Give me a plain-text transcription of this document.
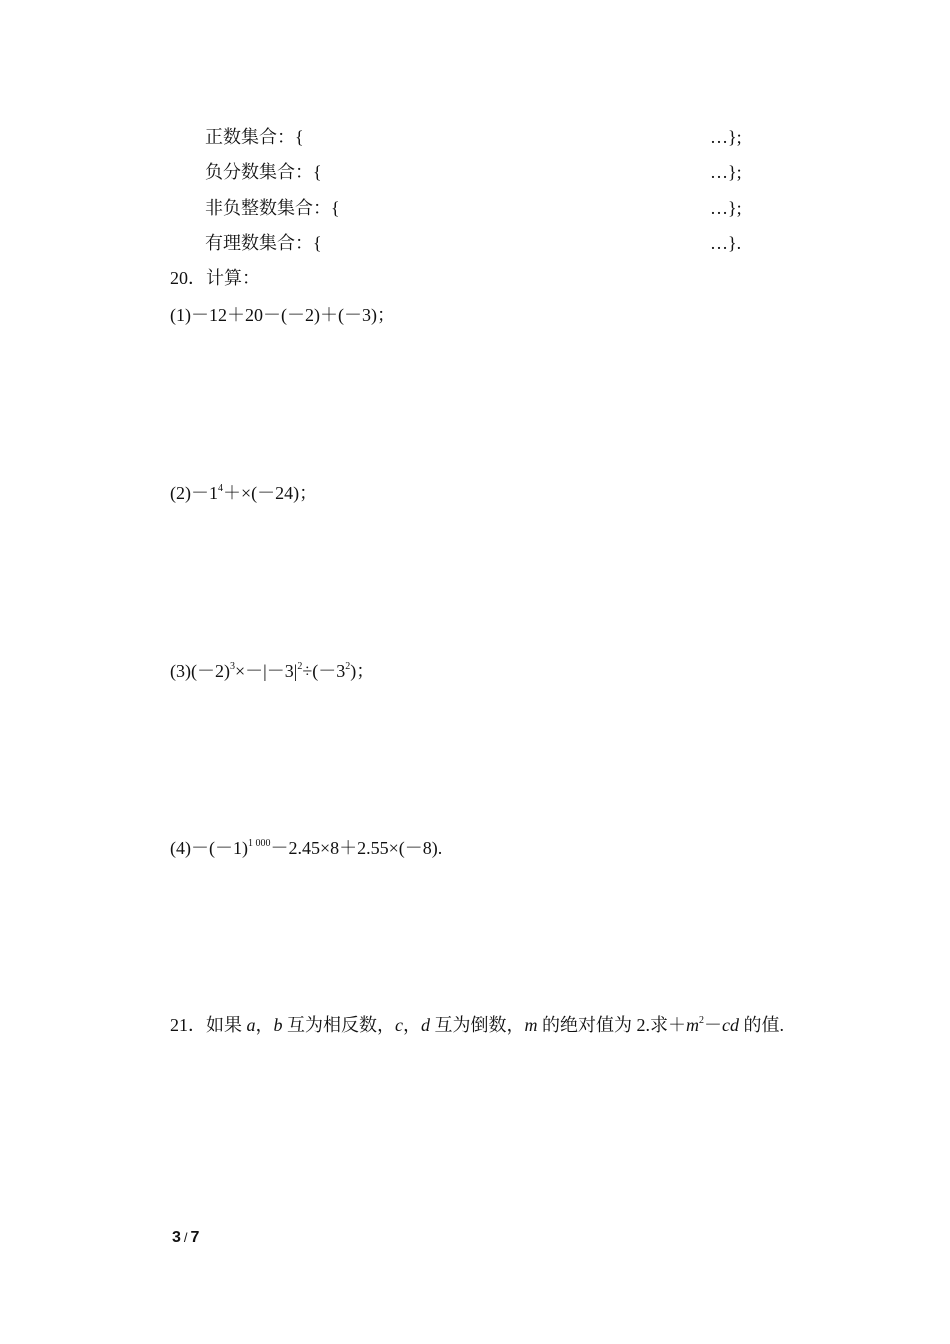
正数集合：{	…};
负分数集合：{	…};
非负整数集合：{	…};
有理数集合：{	…}.
20．计算：
(1)－12＋20－(－2)＋(－3)；
$(2)-1^4+\times(-24)$；
$(3)(-2)^3\times-|-3|^2\div(-3^2)$；
$(4)-(-1)^{1 000}-2.45\times 8+2.55\times(-8)$.
21．如果 a，b 互为相反数，c，d 互为倒数，m 的绝对值为 2.求$+m^2-cd$ 的值.
3 / 7
